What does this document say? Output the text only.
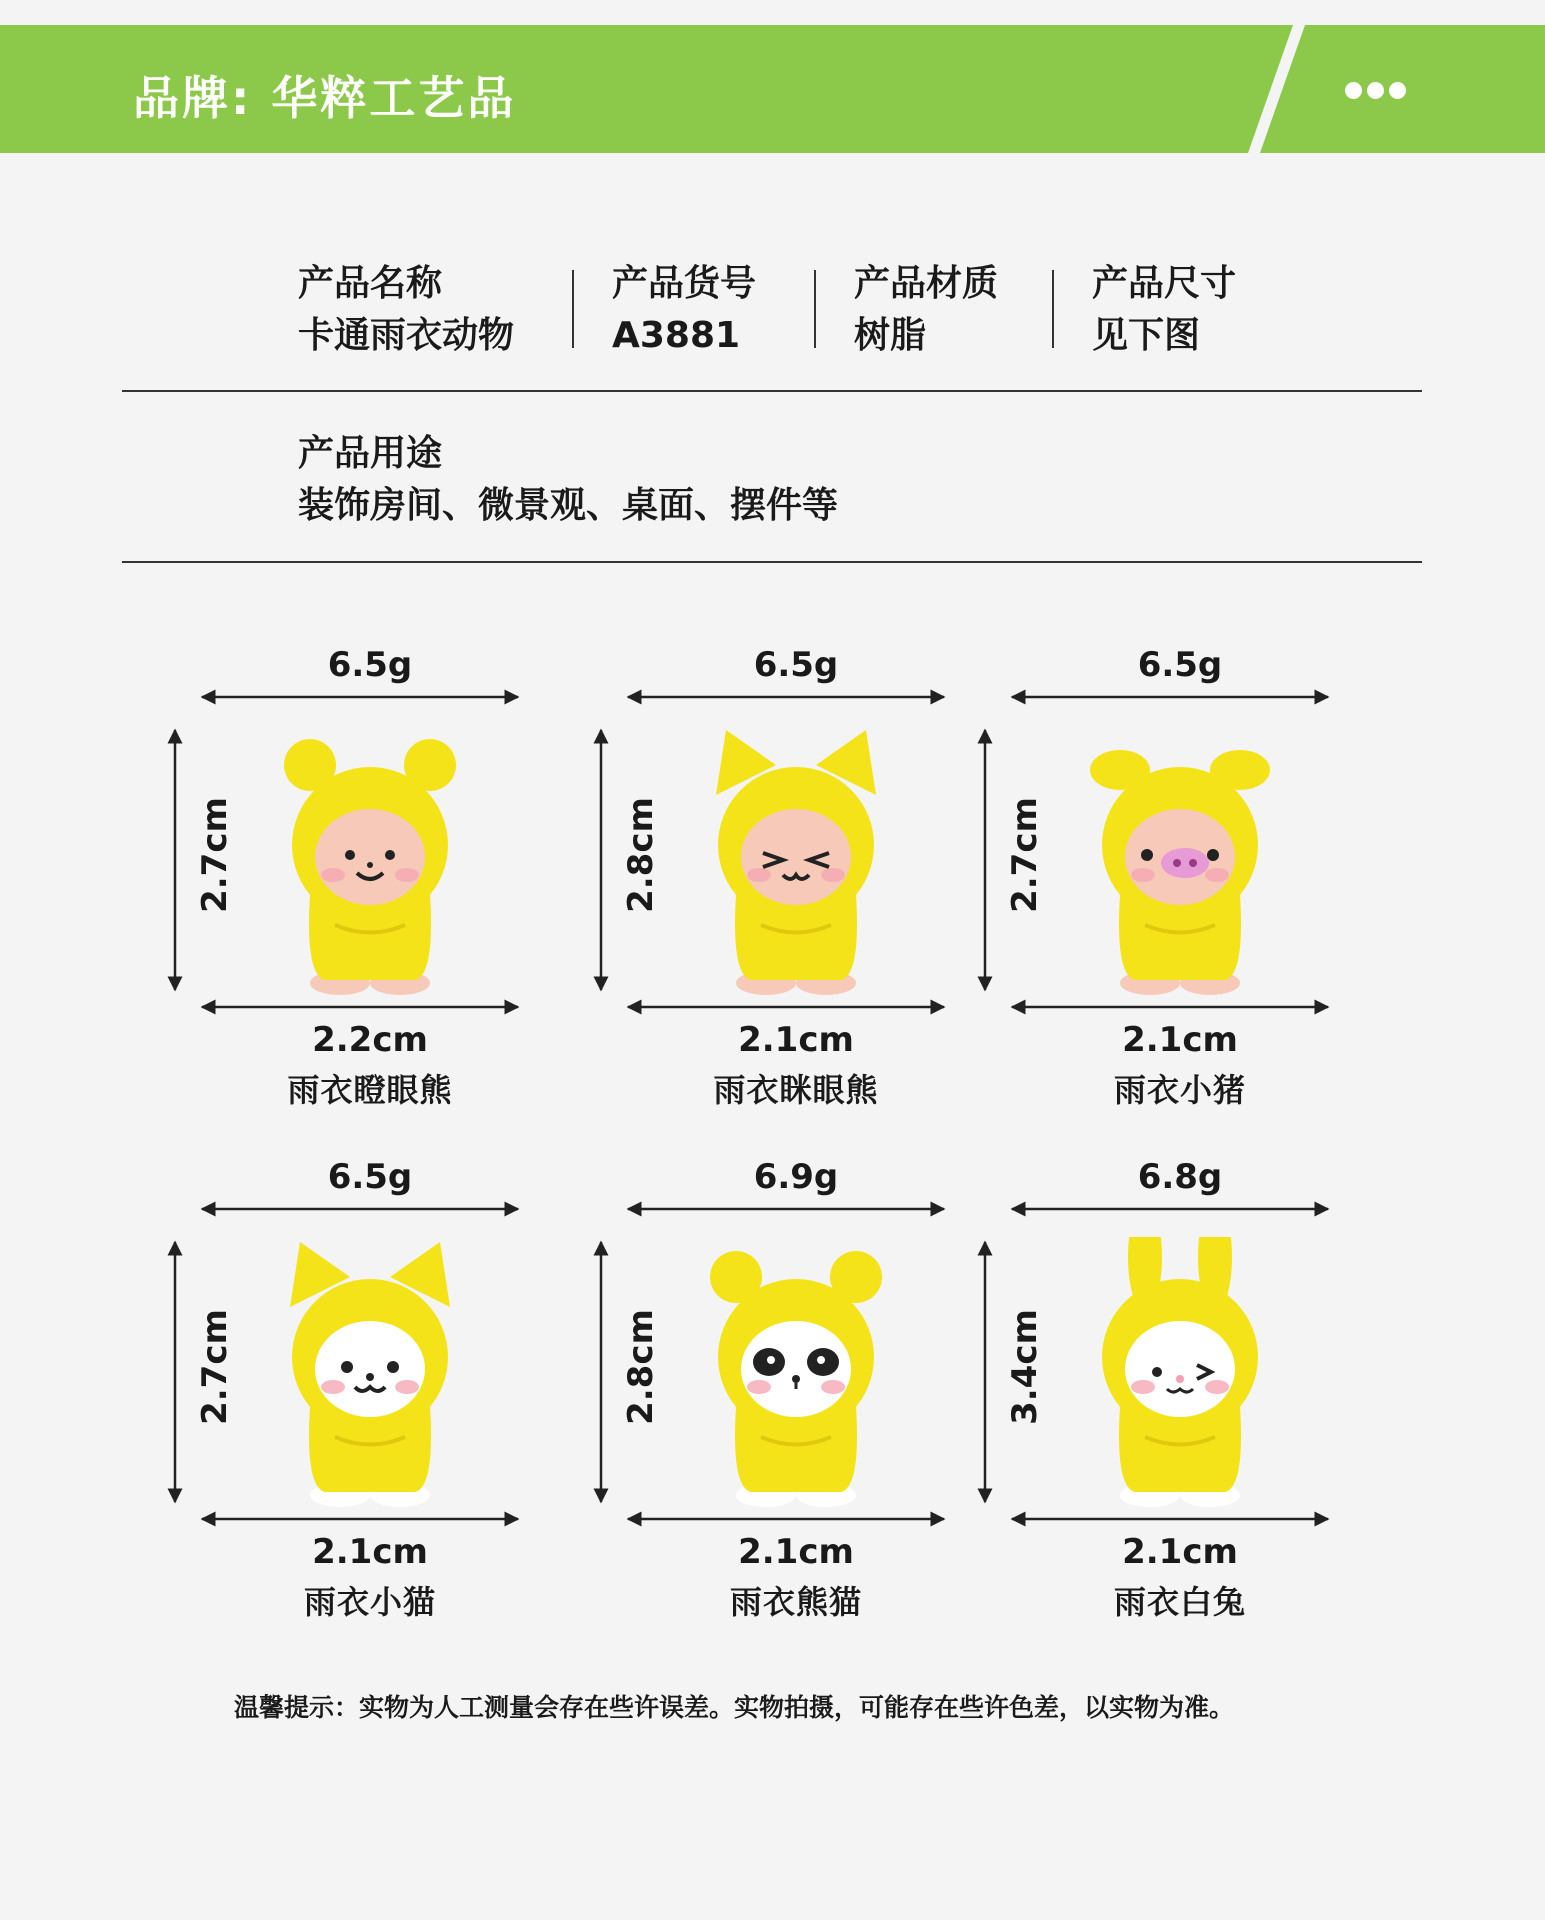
品牌: 华粹工艺品
产品名称
卡通雨衣动物
产品货号
A3881
产品材质
树脂
产品尺寸
见下图
产品用途
装饰房间、微景观、桌面、摆件等
6.5g
2.7cm
2.2cm
雨衣瞪眼熊
6.5g
2.8cm
2.1cm
雨衣眯眼熊
6.5g
2.7cm
2.1cm
雨衣小猪
6.5g
2.7cm
2.1cm
雨衣小猫
6.9g
2.8cm
2.1cm
雨衣熊猫
6.8g
3.4cm
2.1cm
雨衣白兔
温馨提示：实物为人工测量会存在些许误差。实物拍摄，可能存在些许色差，以实物为准。
